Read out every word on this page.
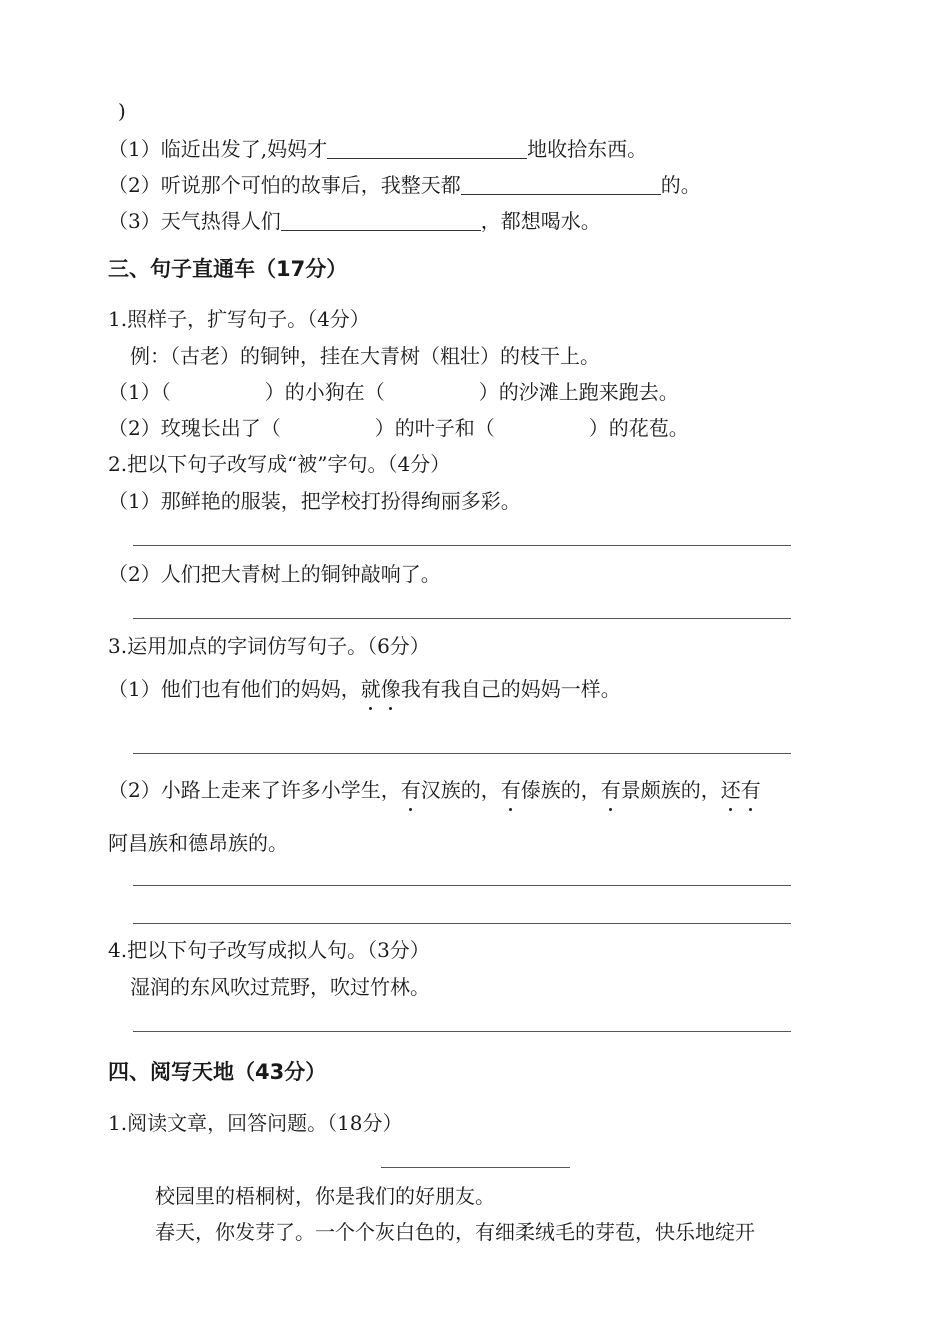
)
（1）临近出发了,妈妈才	地收拾东西。
（2）听说那个可怕的故事后，我整天都	的。
（3）天气热得人们	，都想喝水。
三、句子直通车（17分）
1.照样子，扩写句子。（4分）
例：（古老）的铜钟，挂在大青树（粗壮）的枝干上。
（1）（	）的小狗在（	）的沙滩上跑来跑去。
（2）玫瑰长出了（	）的叶子和（	）的花苞。
2.把以下句子改写成“被”字句。（4分）
（1）那鲜艳的服装，把学校打扮得绚丽多彩。
（2）人们把大青树上的铜钟敲响了。
3.运用加点的字词仿写句子。（6分）
（1）他们也有他们的妈妈，就像我有我自己的妈妈一样。
（2）小路上走来了许多小学生，有汉族的，有傣族的，有景颇族的，还有
阿昌族和德昂族的。
4.把以下句子改写成拟人句。（3分）
湿润的东风吹过荒野，吹过竹林。
四、阅写天地（43分）
1.阅读文章，回答问题。（18分）
校园里的梧桐树，你是我们的好朋友。
春天，你发芽了。一个个灰白色的，有细柔绒毛的芽苞，快乐地绽开
